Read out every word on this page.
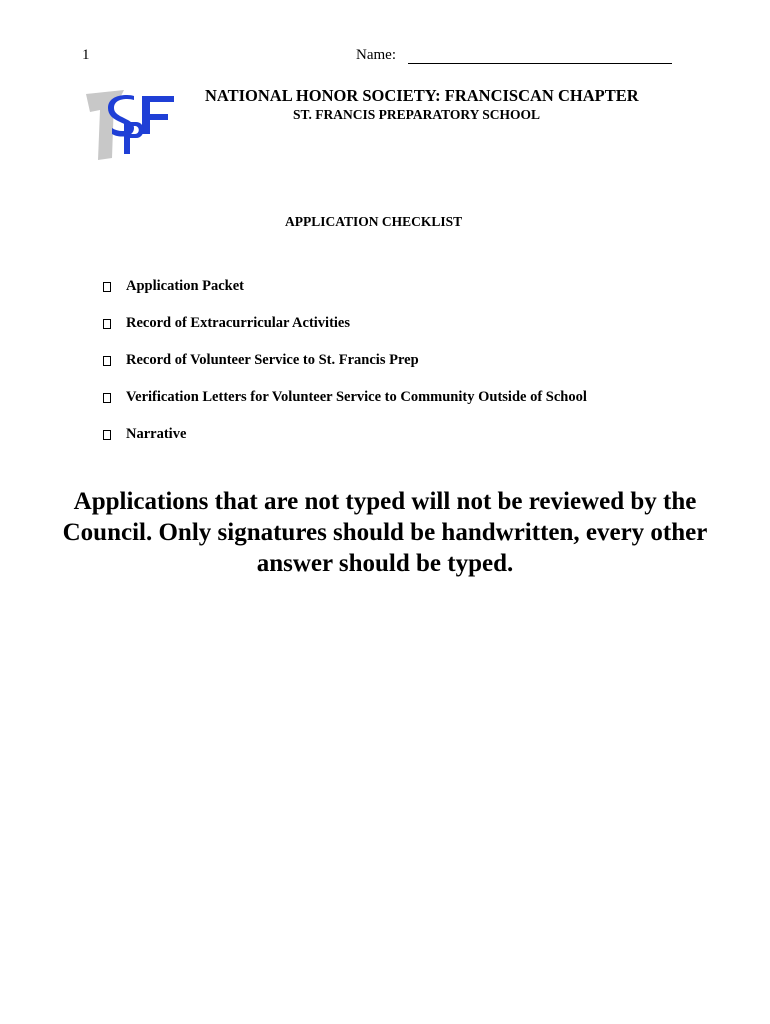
1	Name:
NATIONAL HONOR SOCIETY: FRANCISCAN CHAPTER
ST. FRANCIS PREPARATORY SCHOOL
APPLICATION CHECKLIST
Application Packet
Record of Extracurricular Activities
Record of Volunteer Service to St. Francis Prep
Verification Letters for Volunteer Service to Community Outside of School
Narrative

Applications that are not typed will not be reviewed by the Council. Only signatures should be handwritten, every other answer should be typed.
